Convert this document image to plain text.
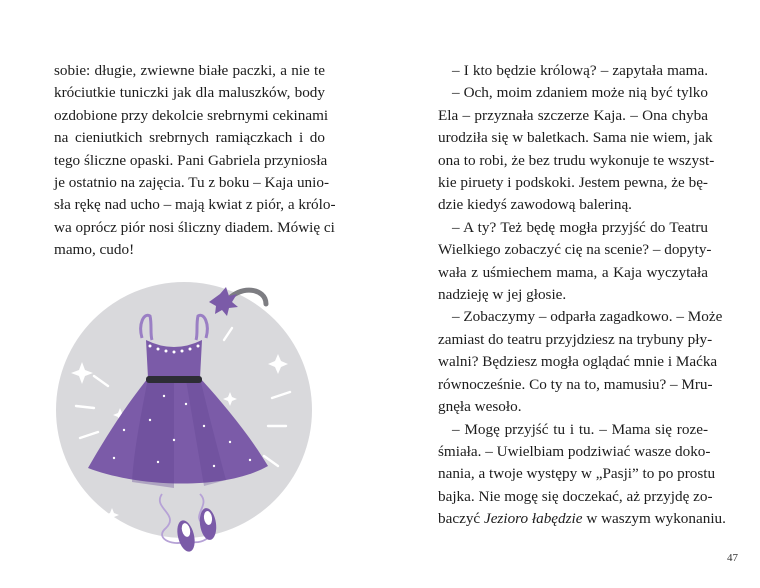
sobie: długie, zwiewne białe paczki, a nie te
króciutkie tuniczki jak dla maluszków, body
ozdobione przy dekolcie srebrnymi cekinami
na cieniutkich srebrnych ramiączkach i do
tego śliczne opaski. Pani Gabriela przyniosła
je ostatnio na zajęcia. Tu z boku – Kaja unio-
sła rękę nad ucho – mają kwiat z piór, a królo-
wa oprócz piór nosi śliczny diadem. Mówię ci
mamo, cudo!
– I kto będzie królową? – zapytała mama.
– Och, moim zdaniem może nią być tylko
Ela – przyznała szczerze Kaja. – Ona chyba
urodziła się w baletkach. Sama nie wiem, jak
ona to robi, że bez trudu wykonuje te wszyst-
kie piruety i podskoki. Jestem pewna, że bę-
dzie kiedyś zawodową baleriną.
– A ty? Też będę mogła przyjść do Teatru
Wielkiego zobaczyć cię na scenie? – dopyty-
wała z uśmiechem mama, a Kaja wyczytała
nadzieję w jej głosie.
– Zobaczymy – odparła zagadkowo. – Może
zamiast do teatru przyjdziesz na trybuny pły-
walni? Będziesz mogła oglądać mnie i Maćka
równocześnie. Co ty na to, mamusiu? – Mru-
gnęła wesoło.
– Mogę przyjść tu i tu. – Mama się roze-
śmiała. – Uwielbiam podziwiać wasze doko-
nania, a twoje występy w „Pasji” to po prostu
bajka. Nie mogę się doczekać, aż przyjdę zo-
baczyć Jezioro łabędzie w waszym wykonaniu.
47
